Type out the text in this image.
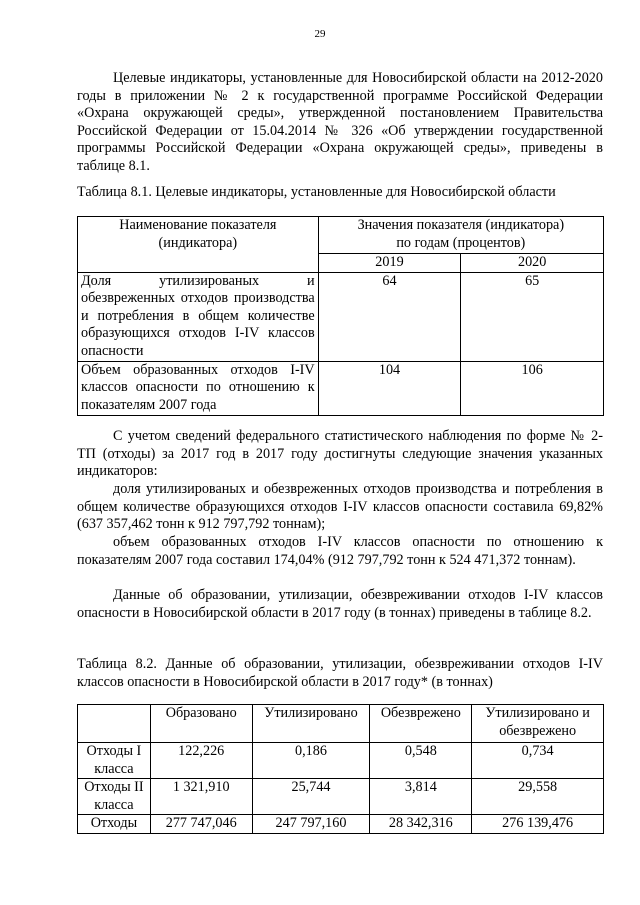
29
Целевые индикаторы, установленные для Новосибирской области на 2012-2020 годы в приложении № 2 к государственной программе Российской Федерации «Охрана окружающей среды», утвержденной постановлением Правительства Российской Федерации от 15.04.2014 № 326 «Об утверждении государственной программы Российской Федерации «Охрана окружающей среды», приведены в таблице 8.1.
Таблица 8.1. Целевые индикаторы, установленные для Новосибирской области
Наименование показателя (индикатора)	Значения показателя (индикатора) по годам (процентов)	
	2019	2020
Доля утилизированых и обезвреженных отходов производства и потребления в общем количестве образующихся отходов I-IV классов опасности	64	65
Объем образованных отходов I-IV классов опасности по отношению к показателям 2007 года	104	106
С учетом сведений федерального статистического наблюдения по форме № 2-ТП (отходы) за 2017 год в 2017 году достигнуты следующие значения указанных индикаторов:
доля утилизированых и обезвреженных отходов производства и потребления в общем количестве образующихся отходов I-IV классов опасности составила 69,82% (637 357,462 тонн к 912 797,792 тоннам);
объем образованных отходов I-IV классов опасности по отношению к показателям 2007 года составил 174,04% (912 797,792 тонн к 524 471,372 тоннам).
Данные об образовании, утилизации, обезвреживании отходов I-IV классов опасности в Новосибирской области в 2017 году (в тоннах) приведены в таблице 8.2.
Таблица 8.2. Данные об образовании, утилизации, обезвреживании отходов I-IV классов опасности в Новосибирской области в 2017 году* (в тоннах)
	Образовано	Утилизировано	Обезврежено	Утилизировано и обезврежено
Отходы I класса	122,226	0,186	0,548	0,734
Отходы II класса	1 321,910	25,744	3,814	29,558
Отходы	277 747,046	247 797,160	28 342,316	276 139,476
